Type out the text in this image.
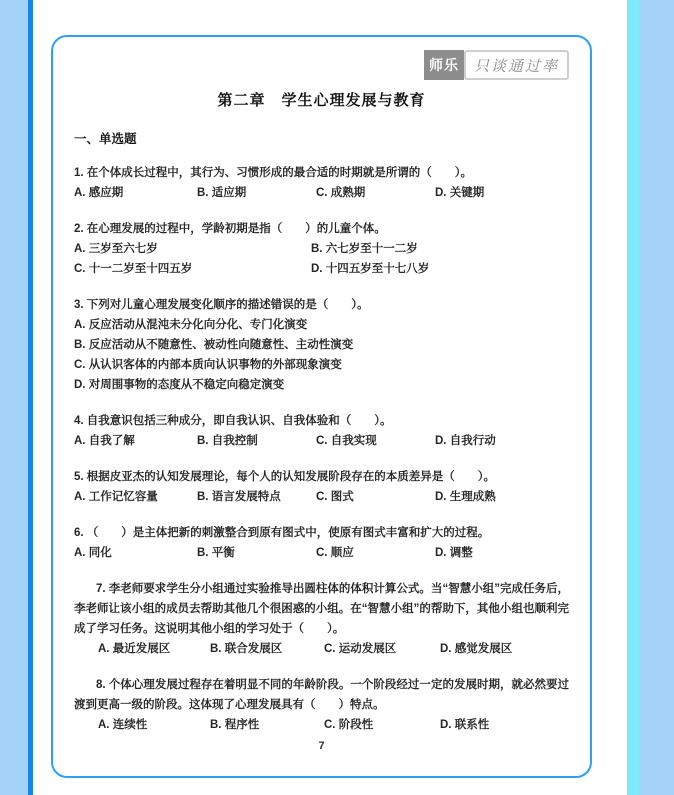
师乐	只谈通过率
第二章　学生心理发展与教育
一、单选题

1. 在个体成长过程中，其行为、习惯形成的最合适的时期就是所谓的（　　）。

A. 感应期	B. 适应期	C. 成熟期	D. 关键期

2. 在心理发展的过程中，学龄初期是指（　　）的儿童个体。

A. 三岁至六七岁	B. 六七岁至十一二岁
C. 十一二岁至十四五岁	D. 十四五岁至十七八岁

3. 下列对儿童心理发展变化顺序的描述错误的是（　　）。

A. 反应活动从混沌未分化向分化、专门化演变
B. 反应活动从不随意性、被动性向随意性、主动性演变
C. 从认识客体的内部本质向认识事物的外部现象演变
D. 对周围事物的态度从不稳定向稳定演变

4. 自我意识包括三种成分，即自我认识、自我体验和（　　）。

A. 自我了解	B. 自我控制	C. 自我实现	D. 自我行动

5. 根据皮亚杰的认知发展理论，每个人的认知发展阶段存在的本质差异是（　　）。

A. 工作记忆容量	B. 语言发展特点	C. 图式	D. 生理成熟

6. （　　）是主体把新的刺激整合到原有图式中，使原有图式丰富和扩大的过程。

A. 同化	B. 平衡	C. 顺应	D. 调整

7. 李老师要求学生分小组通过实验推导出圆柱体的体积计算公式。当“智慧小组”完成任务后，李老师让该小组的成员去帮助其他几个很困惑的小组。在“智慧小组”的帮助下，其他小组也顺利完成了学习任务。这说明其他小组的学习处于（　　）。

A. 最近发展区	B. 联合发展区	C. 运动发展区	D. 感觉发展区

8. 个体心理发展过程存在着明显不同的年龄阶段。一个阶段经过一定的发展时期，就必然要过渡到更高一级的阶段。这体现了心理发展具有（　　）特点。

A. 连续性	B. 程序性	C. 阶段性	D. 联系性
7
